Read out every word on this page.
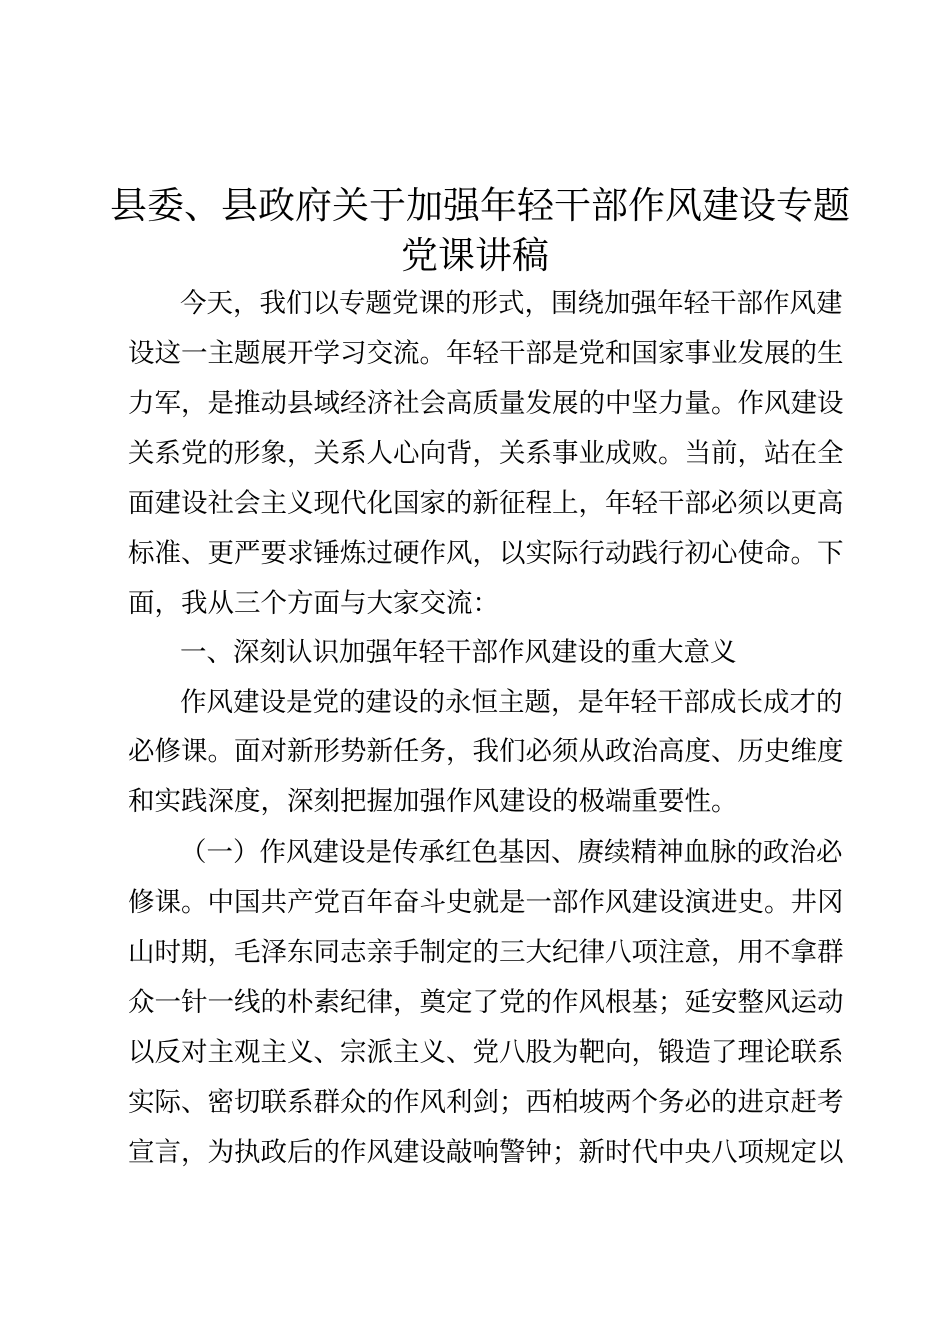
县委、县政府关于加强年轻干部作风建设专题
党课讲稿
今天，我们以专题党课的形式，围绕加强年轻干部作风建
设这一主题展开学习交流。年轻干部是党和国家事业发展的生
力军，是推动县域经济社会高质量发展的中坚力量。作风建设
关系党的形象，关系人心向背，关系事业成败。当前，站在全
面建设社会主义现代化国家的新征程上，年轻干部必须以更高
标准、更严要求锤炼过硬作风，以实际行动践行初心使命。下
面，我从三个方面与大家交流：
一、深刻认识加强年轻干部作风建设的重大意义
作风建设是党的建设的永恒主题，是年轻干部成长成才的
必修课。面对新形势新任务，我们必须从政治高度、历史维度
和实践深度，深刻把握加强作风建设的极端重要性。
（一）作风建设是传承红色基因、赓续精神血脉的政治必
修课。中国共产党百年奋斗史就是一部作风建设演进史。井冈
山时期，毛泽东同志亲手制定的三大纪律八项注意，用不拿群
众一针一线的朴素纪律，奠定了党的作风根基；延安整风运动
以反对主观主义、宗派主义、党八股为靶向，锻造了理论联系
实际、密切联系群众的作风利剑；西柏坡两个务必的进京赶考
宣言，为执政后的作风建设敲响警钟；新时代中央八项规定以
